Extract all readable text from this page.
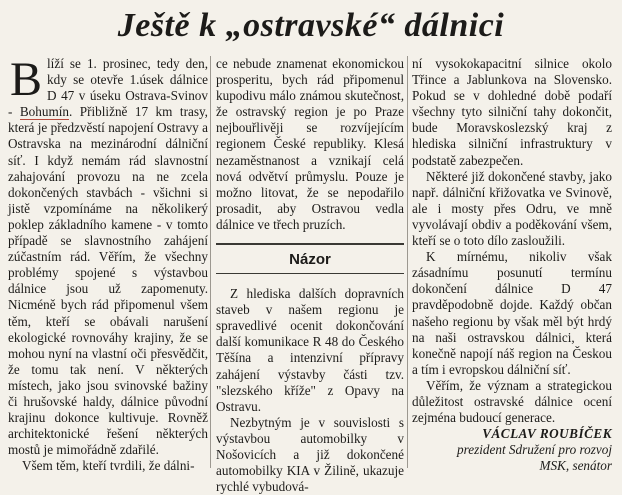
Ještě k „ostravské“ dálnici

Blíží se 1. prosinec, tedy den, kdy se otevře 1.úsek dálnice D 47 v úseku Ostrava-Svinov - Bohumín. Přibližně 17 km trasy, která je předzvěstí napojení Ostravy a Ostravska na mezinárodní dálniční síť. I když nemám rád slavnostní zahajování provozu na ne zcela dokončených stavbách - všichni si jistě vzpomínáme na několikerý poklep základního kamene - v tomto případě se slavnostního zahájení zúčastním rád. Věřím, že všechny problémy spojené s výstavbou dálnice jsou už zapomenuty. Nicméně bych rád připomenul všem těm, kteří se obávali narušení ekologické rovnováhy krajiny, že se mohou nyní na vlastní oči přesvědčit, že tomu tak není. V některých místech, jako jsou svinovské bažiny či hrušovské haldy, dálnice původní krajinu dokonce kultivuje. Rovněž architektonické řešení některých mostů je mimořádně zdařilé.

Všem těm, kteří tvrdili, že dálni-

ce nebude znamenat ekonomickou prosperitu, bych rád připomenul kupodivu málo známou skutečnost, že ostravský region je po Praze nejbouřlivěji se rozvíjejícím regionem České republiky. Klesá nezaměstnanost a vznikají celá nová odvětví průmyslu. Pouze je možno litovat, že se nepodařilo prosadit, aby Ostravou vedla dálnice ve třech pruzích.

Názor

Z hlediska dalších dopravních staveb v našem regionu je spravedlivé ocenit dokončování další komunikace R 48 do Českého Těšína a intenzivní přípravy zahájení výstavby části tzv. "slezského kříže" z Opavy na Ostravu.

Nezbytným je v souvislosti s výstavbou automobilky v Nošovicích a již dokončené automobilky KIA v Žilině, ukazuje rychlé vybudová-

ní vysokokapacitní silnice okolo Třince a Jablunkova na Slovensko. Pokud se v dohledné době podaří všechny tyto silniční tahy dokončit, bude Moravskoslezský kraj z hlediska silniční infrastruktury v podstatě zabezpečen.

Některé již dokončené stavby, jako např. dálniční křižovatka ve Svinově, ale i mosty přes Odru, ve mně vyvolávají obdiv a poděkování všem, kteří se o toto dílo zasloužili.

K mírnému, nikoliv však zásadnímu posunutí termínu dokončení dálnice D 47 pravděpodobně dojde. Každý občan našeho regionu by však měl být hrdý na naši ostravskou dálnici, která konečně napojí náš region na Českou a tím i evropskou dálniční síť.

Věřím, že význam a strategickou důležitost ostravské dálnice ocení zejména budoucí generace.

VÁCLAV ROUBÍČEK
prezident Sdružení pro rozvoj
MSK, senátor
